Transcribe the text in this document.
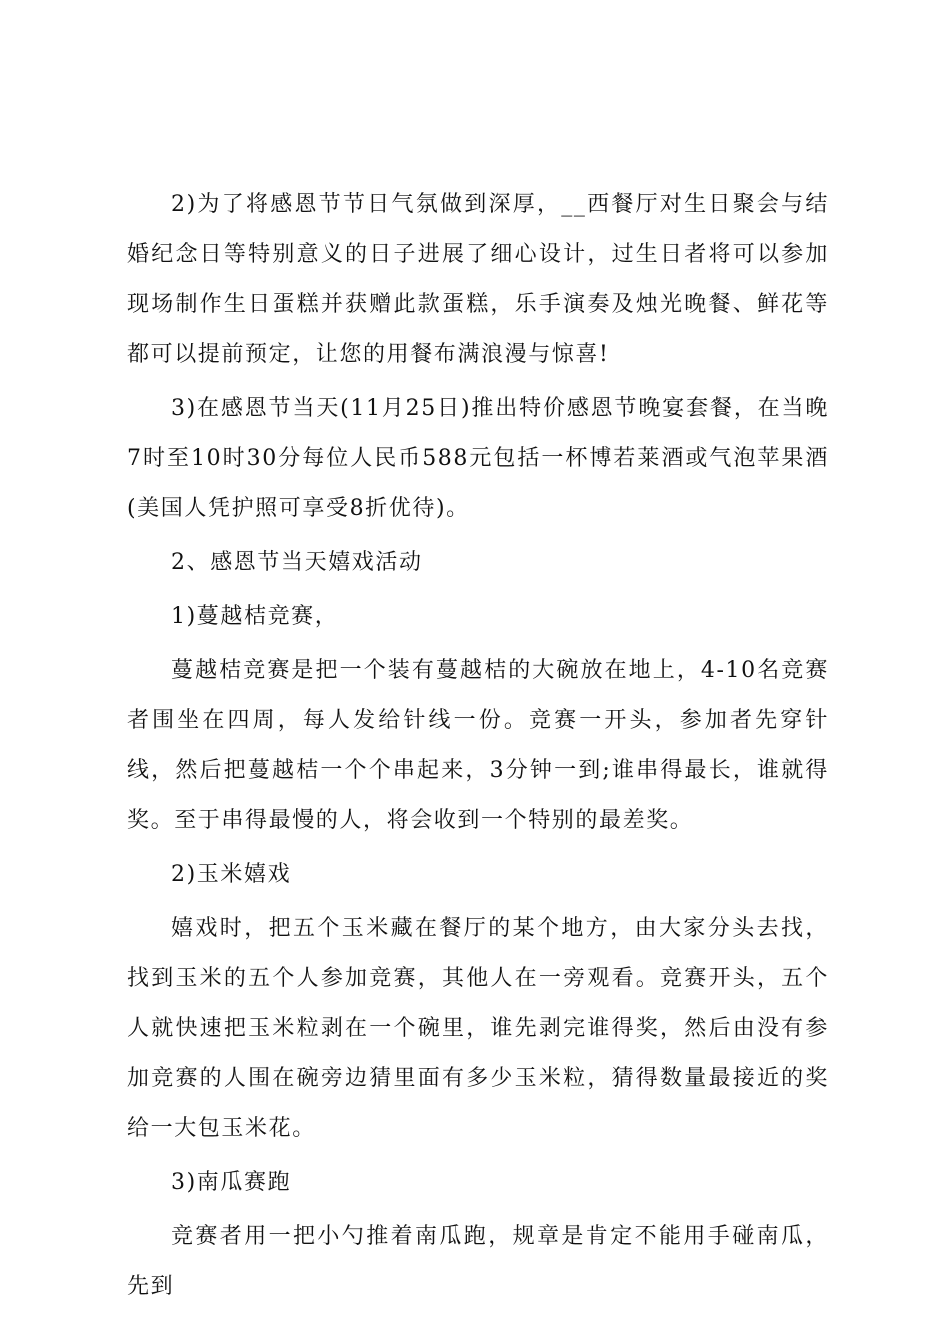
2)为了将感恩节节日气氛做到深厚，__西餐厅对生日聚会与结婚纪念日等特别意义的日子进展了细心设计，过生日者将可以参加现场制作生日蛋糕并获赠此款蛋糕，乐手演奏及烛光晚餐、鲜花等都可以提前预定，让您的用餐布满浪漫与惊喜!

3)在感恩节当天(11月25日)推出特价感恩节晚宴套餐，在当晚7时至10时30分每位人民币588元包括一杯博若莱酒或气泡苹果酒(美国人凭护照可享受8折优待)。

2、感恩节当天嬉戏活动

1)蔓越桔竞赛，

蔓越桔竞赛是把一个装有蔓越桔的大碗放在地上，4-10名竞赛者围坐在四周，每人发给针线一份。竞赛一开头，参加者先穿针线，然后把蔓越桔一个个串起来，3分钟一到;谁串得最长，谁就得奖。至于串得最慢的人，将会收到一个特别的最差奖。

2)玉米嬉戏

嬉戏时，把五个玉米藏在餐厅的某个地方，由大家分头去找，找到玉米的五个人参加竞赛，其他人在一旁观看。竞赛开头，五个人就快速把玉米粒剥在一个碗里，谁先剥完谁得奖，然后由没有参加竞赛的人围在碗旁边猜里面有多少玉米粒，猜得数量最接近的奖给一大包玉米花。

3)南瓜赛跑

竞赛者用一把小勺推着南瓜跑，规章是肯定不能用手碰南瓜，先到
